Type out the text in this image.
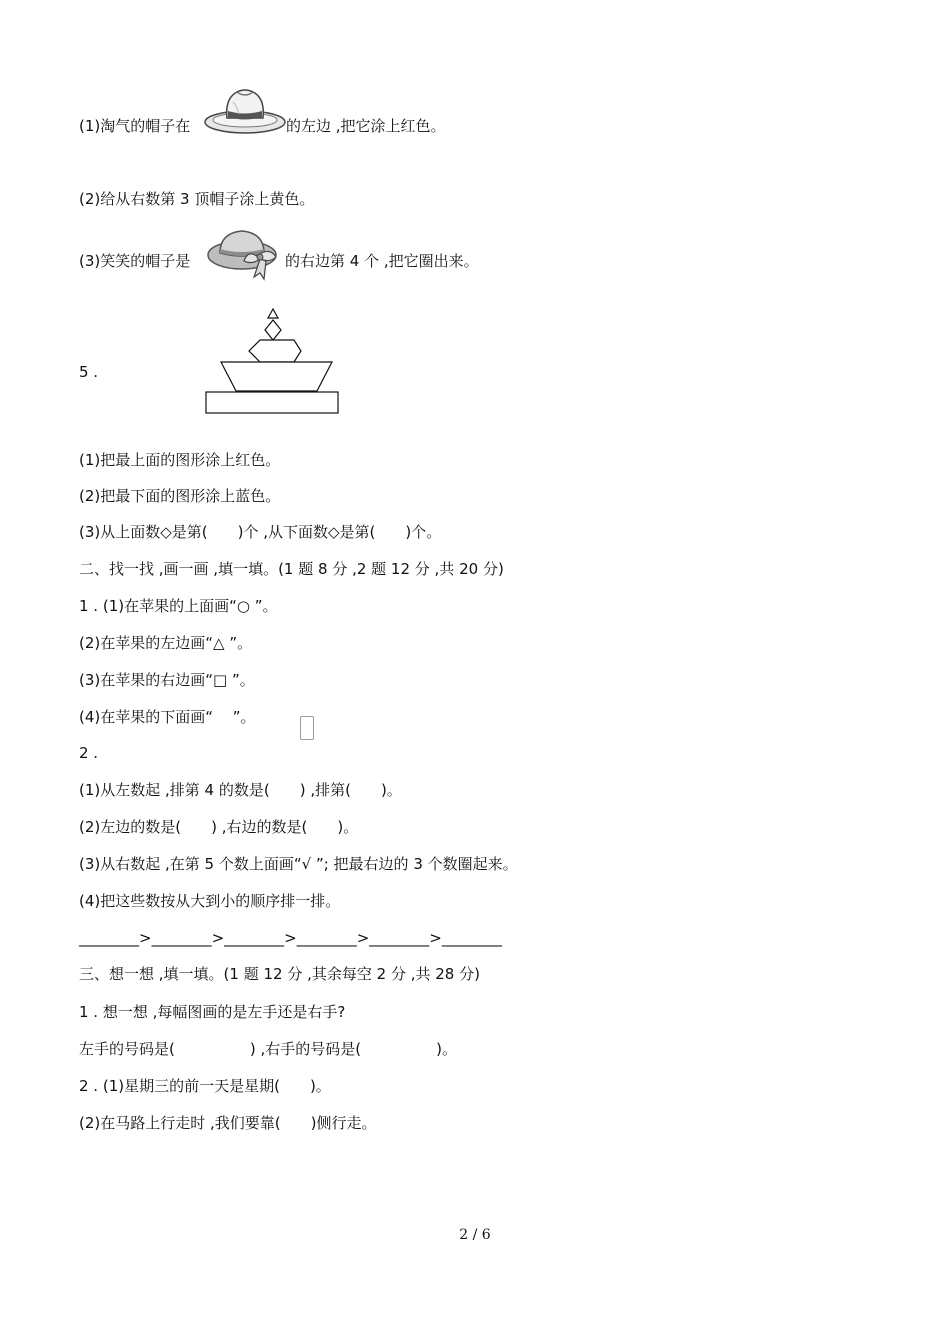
(1)淘气的帽子在	的左边 ,把它涂上红色。
(2)给从右数第 3 顶帽子涂上黄色。
(3)笑笑的帽子是	的右边第 4 个 ,把它圈出来。
5 .
(1)把最上面的图形涂上红色。
(2)把最下面的图形涂上蓝色。
(3)从上面数◇是第(　　)个 ,从下面数◇是第(　　)个。
二、找一找 ,画一画 ,填一填。(1 题 8 分 ,2 题 12 分 ,共 20 分)
1 . (1)在苹果的上面画“○ ”。
(2)在苹果的左边画“△ ”。
(3)在苹果的右边画“□ ”。
(4)在苹果的下面画“　 ”。
2 .
(1)从左数起 ,排第 4 的数是(　　) ,排第(　　)。
(2)左边的数是(　　) ,右边的数是(　　)。
(3)从右数起 ,在第 5 个数上面画“√ ”; 把最右边的 3 个数圈起来。
(4)把这些数按从大到小的顺序排一排。
________>________>________>________>________>________
三、想一想 ,填一填。(1 题 12 分 ,其余每空 2 分 ,共 28 分)
1 . 想一想 ,每幅图画的是左手还是右手?
左手的号码是(　　　　　) ,右手的号码是(　　　　　)。
2 . (1)星期三的前一天是星期(　　)。
(2)在马路上行走时 ,我们要靠(　　)侧行走。
2 / 6
